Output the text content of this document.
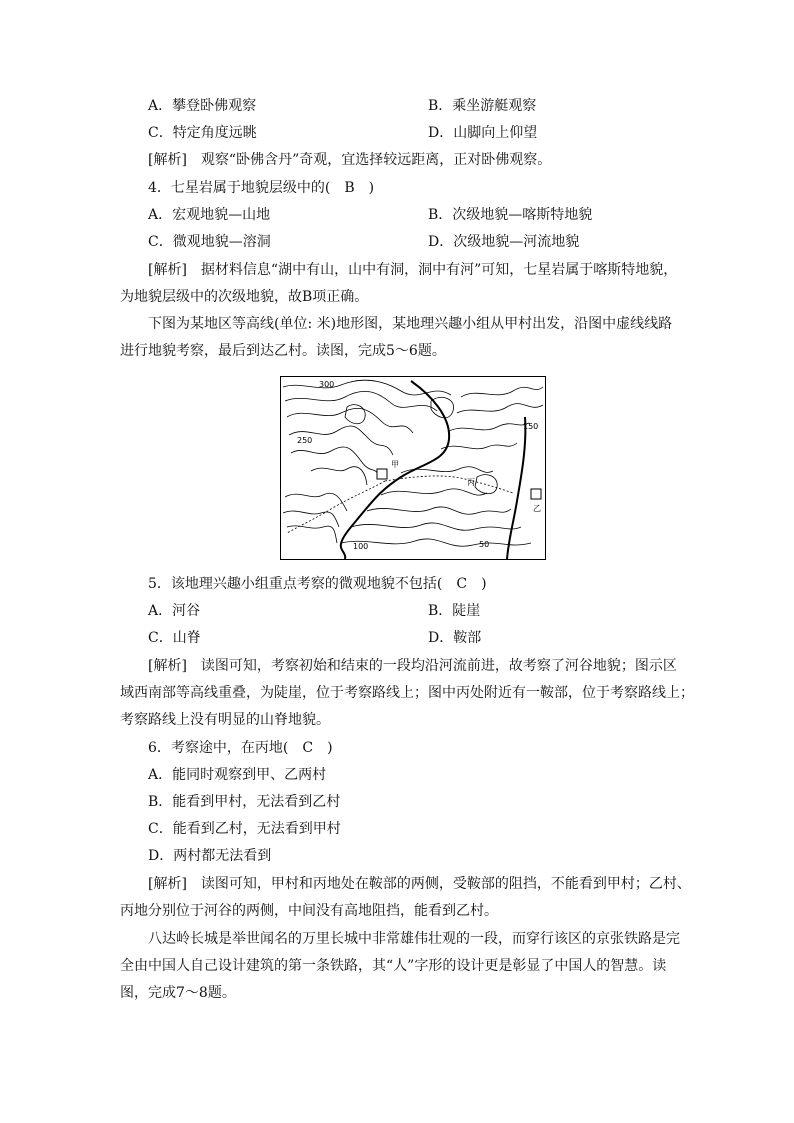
A．攀登卧佛观察	B．乘坐游艇观察
C．特定角度远眺	D．山脚向上仰望
[解析]　观察“卧佛含丹”奇观，宜选择较远距离，正对卧佛观察。
4．七星岩属于地貌层级中的(　B　)
A．宏观地貌—山地	B．次级地貌—喀斯特地貌
C．微观地貌—溶洞	D．次级地貌—河流地貌
[解析]　据材料信息“湖中有山，山中有洞，洞中有河”可知，七星岩属于喀斯特地貌，
为地貌层级中的次级地貌，故B项正确。
下图为某地区等高线(单位: 米)地形图，某地理兴趣小组从甲村出发，沿图中虚线线路
进行地貌考察，最后到达乙村。读图，完成5～6题。
300
250
150
100	50
甲
丙
乙
5．该地理兴趣小组重点考察的微观地貌不包括(　C　)
A．河谷	B．陡崖
C．山脊	D．鞍部
[解析]　读图可知，考察初始和结束的一段均沿河流前进，故考察了河谷地貌；图示区
域西南部等高线重叠，为陡崖，位于考察路线上；图中丙处附近有一鞍部，位于考察路线上；
考察路线上没有明显的山脊地貌。
6．考察途中，在丙地(　C　)
A．能同时观察到甲、乙两村
B．能看到甲村，无法看到乙村
C．能看到乙村，无法看到甲村
D．两村都无法看到
[解析]　读图可知，甲村和丙地处在鞍部的两侧，受鞍部的阻挡，不能看到甲村；乙村、
丙地分别位于河谷的两侧，中间没有高地阻挡，能看到乙村。
八达岭长城是举世闻名的万里长城中非常雄伟壮观的一段，而穿行该区的京张铁路是完
全由中国人自己设计建筑的第一条铁路，其“人”字形的设计更是彰显了中国人的智慧。读
图，完成7～8题。
